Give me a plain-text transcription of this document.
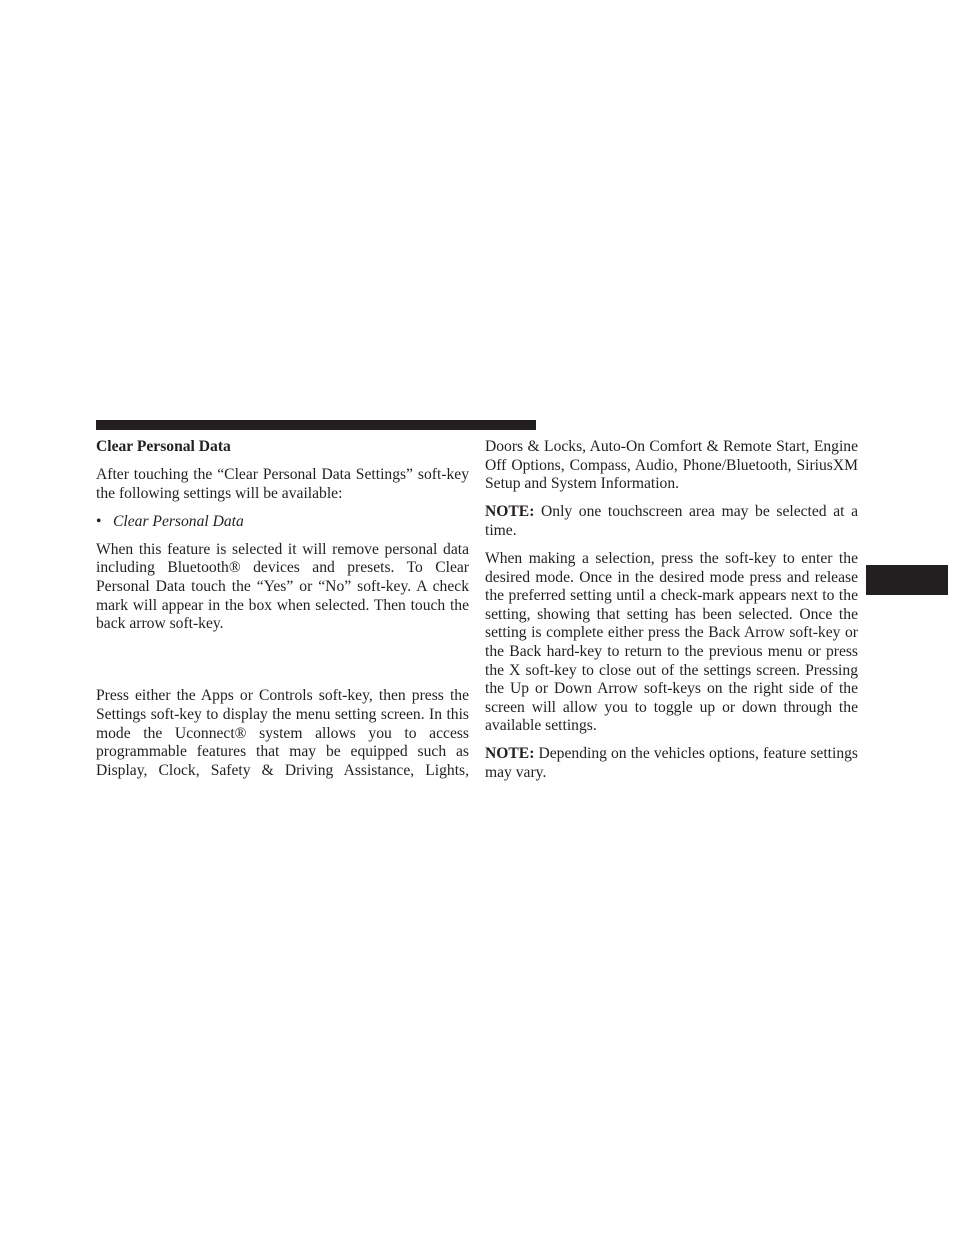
Clear Personal Data

After touching the “Clear Personal Data Settings” soft-key the following settings will be available:

• Clear Personal Data

When this feature is selected it will remove personal data including Bluetooth® devices and presets. To Clear Personal Data touch the “Yes” or “No” soft-key. A check mark will appear in the box when selected. Then touch the back arrow soft-key.

Press either the Apps or Controls soft-key, then press the Settings soft-key to display the menu setting screen. In this mode the Uconnect® system allows you to access programmable features that may be equipped such as Display, Clock, Safety & Driving Assistance, Lights,

Doors & Locks, Auto-On Comfort & Remote Start, Engine Off Options, Compass, Audio, Phone/Bluetooth, SiriusXM Setup and System Information.

NOTE: Only one touchscreen area may be selected at a time.

When making a selection, press the soft-key to enter the desired mode. Once in the desired mode press and release the preferred setting until a check-mark appears next to the setting, showing that setting has been selected. Once the setting is complete either press the Back Arrow soft-key or the Back hard-key to return to the previous menu or press the X soft-key to close out of the settings screen. Pressing the Up or Down Arrow soft-keys on the right side of the screen will allow you to toggle up or down through the available settings.

NOTE: Depending on the vehicles options, feature settings may vary.
